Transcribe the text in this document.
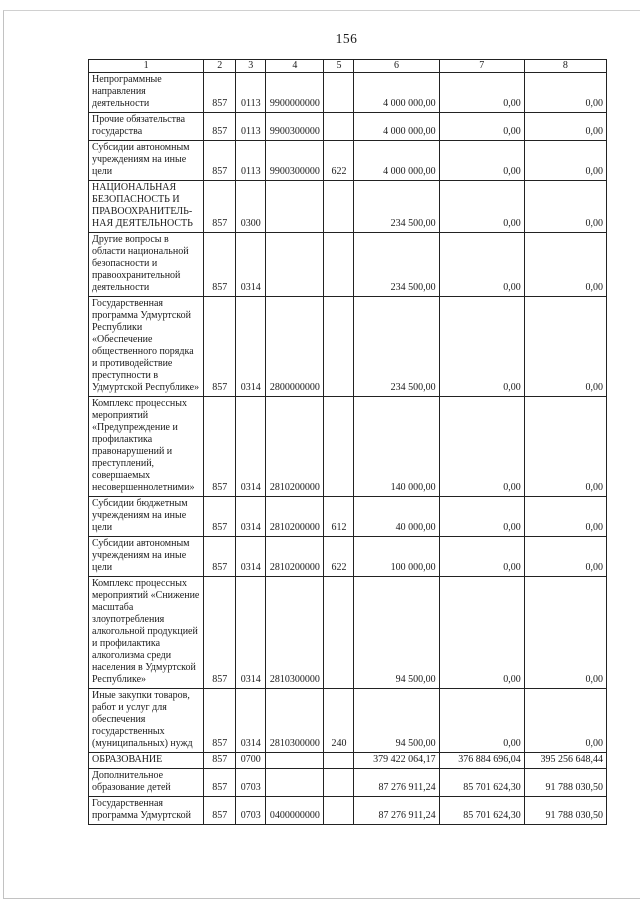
156
1	2	3	4	5	6	7	8
Непрограммные направления деятельности	857	0113	9900000000		4 000 000,00	0,00	0,00
Прочие обязательства государства	857	0113	9900300000		4 000 000,00	0,00	0,00
Субсидии автономным учреждениям на иные цели	857	0113	9900300000	622	4 000 000,00	0,00	0,00
НАЦИОНАЛЬНАЯ БЕЗОПАСНОСТЬ И ПРАВООХРАНИТЕЛЬ-НАЯ ДЕЯТЕЛЬНОСТЬ	857	0300			234 500,00	0,00	0,00
Другие вопросы в области национальной безопасности и правоохранительной деятельности	857	0314			234 500,00	0,00	0,00
Государственная программа Удмуртской Республики «Обеспечение общественного порядка и противодействие преступности в Удмуртской Республике»	857	0314	2800000000		234 500,00	0,00	0,00
Комплекс процессных мероприятий «Предупреждение и профилактика правонарушений и преступлений, совершаемых несовершеннолетними»	857	0314	2810200000		140 000,00	0,00	0,00
Субсидии бюджетным учреждениям на иные цели	857	0314	2810200000	612	40 000,00	0,00	0,00
Субсидии автономным учреждениям на иные цели	857	0314	2810200000	622	100 000,00	0,00	0,00
Комплекс процессных мероприятий «Снижение масштаба злоупотребления алкогольной продукцией и профилактика алкоголизма среди населения в Удмуртской Республике»	857	0314	2810300000		94 500,00	0,00	0,00
Иные закупки товаров, работ и услуг для обеспечения государственных (муниципальных) нужд	857	0314	2810300000	240	94 500,00	0,00	0,00
ОБРАЗОВАНИЕ	857	0700			379 422 064,17	376 884 696,04	395 256 648,44
Дополнительное образование детей	857	0703			87 276 911,24	85 701 624,30	91 788 030,50
Государственная программа Удмуртской	857	0703	0400000000		87 276 911,24	85 701 624,30	91 788 030,50
